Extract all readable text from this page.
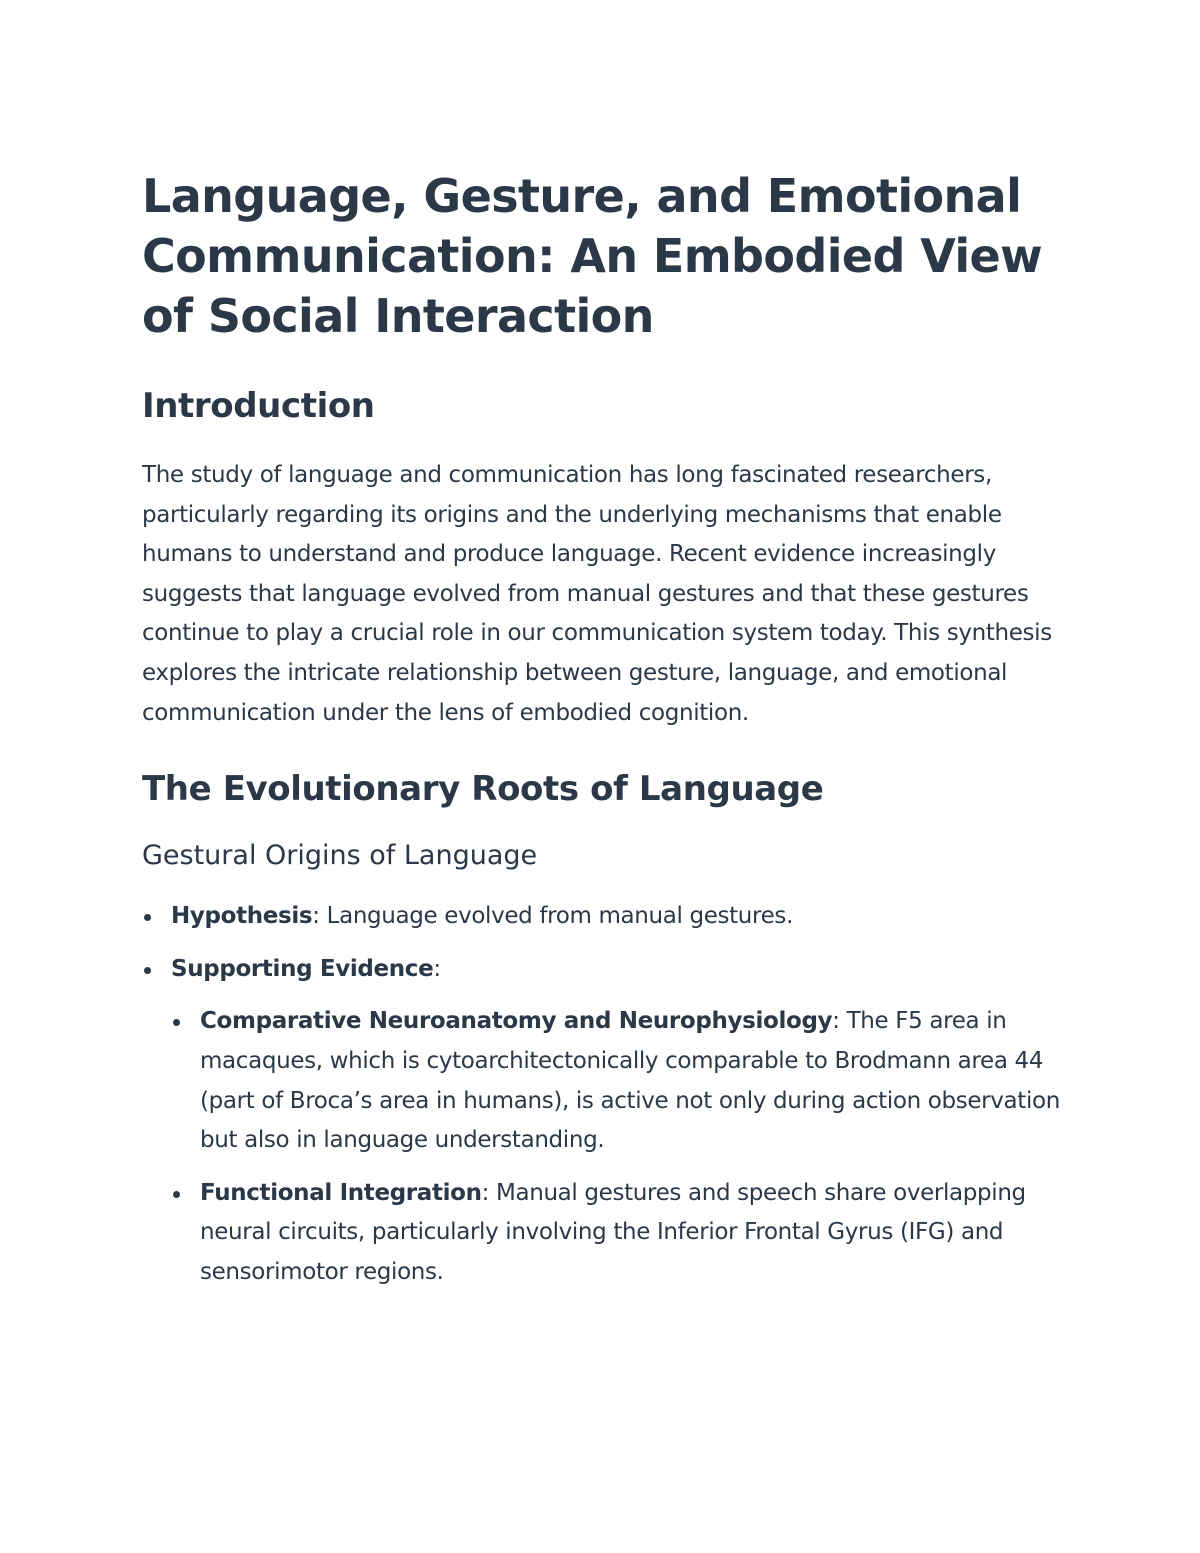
Language, Gesture, and Emotional Communication: An Embodied View of Social Interaction
Introduction

The study of language and communication has long fascinated researchers, particularly regarding its origins and the underlying mechanisms that enable humans to understand and produce language. Recent evidence increasingly suggests that language evolved from manual gestures and that these gestures continue to play a crucial role in our communication system today. This synthesis explores the intricate relationship between gesture, language, and emotional communication under the lens of embodied cognition.

The Evolutionary Roots of Language
Gestural Origins of Language
Hypothesis: Language evolved from manual gestures.
Supporting Evidence:
Comparative Neuroanatomy and Neurophysiology: The F5 area in macaques, which is cytoarchitectonically comparable to Brodmann area 44 (part of Broca’s area in humans), is active not only during action observation but also in language understanding.
Functional Integration: Manual gestures and speech share overlapping neural circuits, particularly involving the Inferior Frontal Gyrus (IFG) and sensorimotor regions.
